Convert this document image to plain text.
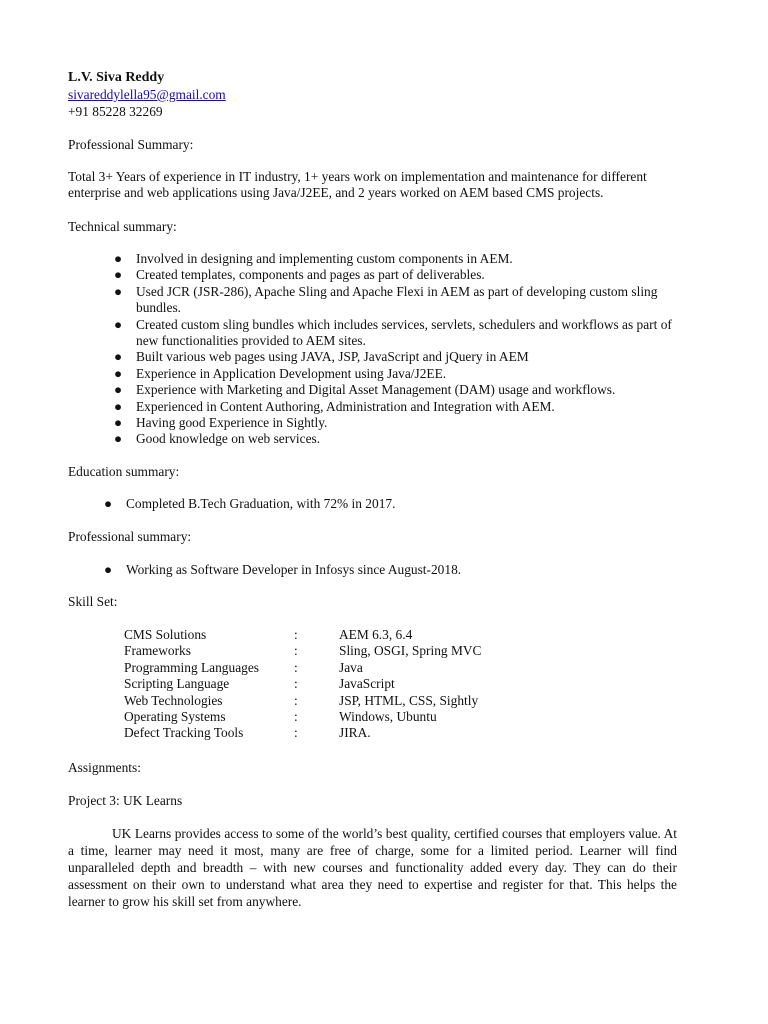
L.V. Siva Reddy
sivareddylella95@gmail.com
+91 85228 32269
Professional Summary:
Total 3+ Years of experience in IT industry, 1+ years work on implementation and maintenance for different enterprise and web applications using Java/J2EE, and 2 years worked on AEM based CMS projects.
Technical summary:
● Involved in designing and implementing custom components in AEM.
● Created templates, components and pages as part of deliverables.
● Used JCR (JSR-286), Apache Sling and Apache Flexi in AEM as part of developing custom sling bundles.
● Created custom sling bundles which includes services, servlets, schedulers and workflows as part of new functionalities provided to AEM sites.
● Built various web pages using JAVA, JSP, JavaScript and jQuery in AEM
● Experience in Application Development using Java/J2EE.
● Experience with Marketing and Digital Asset Management (DAM) usage and workflows.
● Experienced in Content Authoring, Administration and Integration with AEM.
● Having good Experience in Sightly.
● Good knowledge on web services.
Education summary:
● Completed B.Tech Graduation, with 72% in 2017.
Professional summary:
● Working as Software Developer in Infosys since August-2018.
Skill Set:
CMS Solutions	:	AEM 6.3, 6.4
Frameworks	:	Sling, OSGI, Spring MVC
Programming Languages	:	Java
Scripting Language	:	JavaScript
Web Technologies	:	JSP, HTML, CSS, Sightly
Operating Systems	:	Windows, Ubuntu
Defect Tracking Tools	:	JIRA.
Assignments:
Project 3: UK Learns
UK Learns provides access to some of the world’s best quality, certified courses that employers value. At a time, learner may need it most, many are free of charge, some for a limited period. Learner will find unparalleled depth and breadth – with new courses and functionality added every day. They can do their assessment on their own to understand what area they need to expertise and register for that. This helps the learner to grow his skill set from anywhere.
